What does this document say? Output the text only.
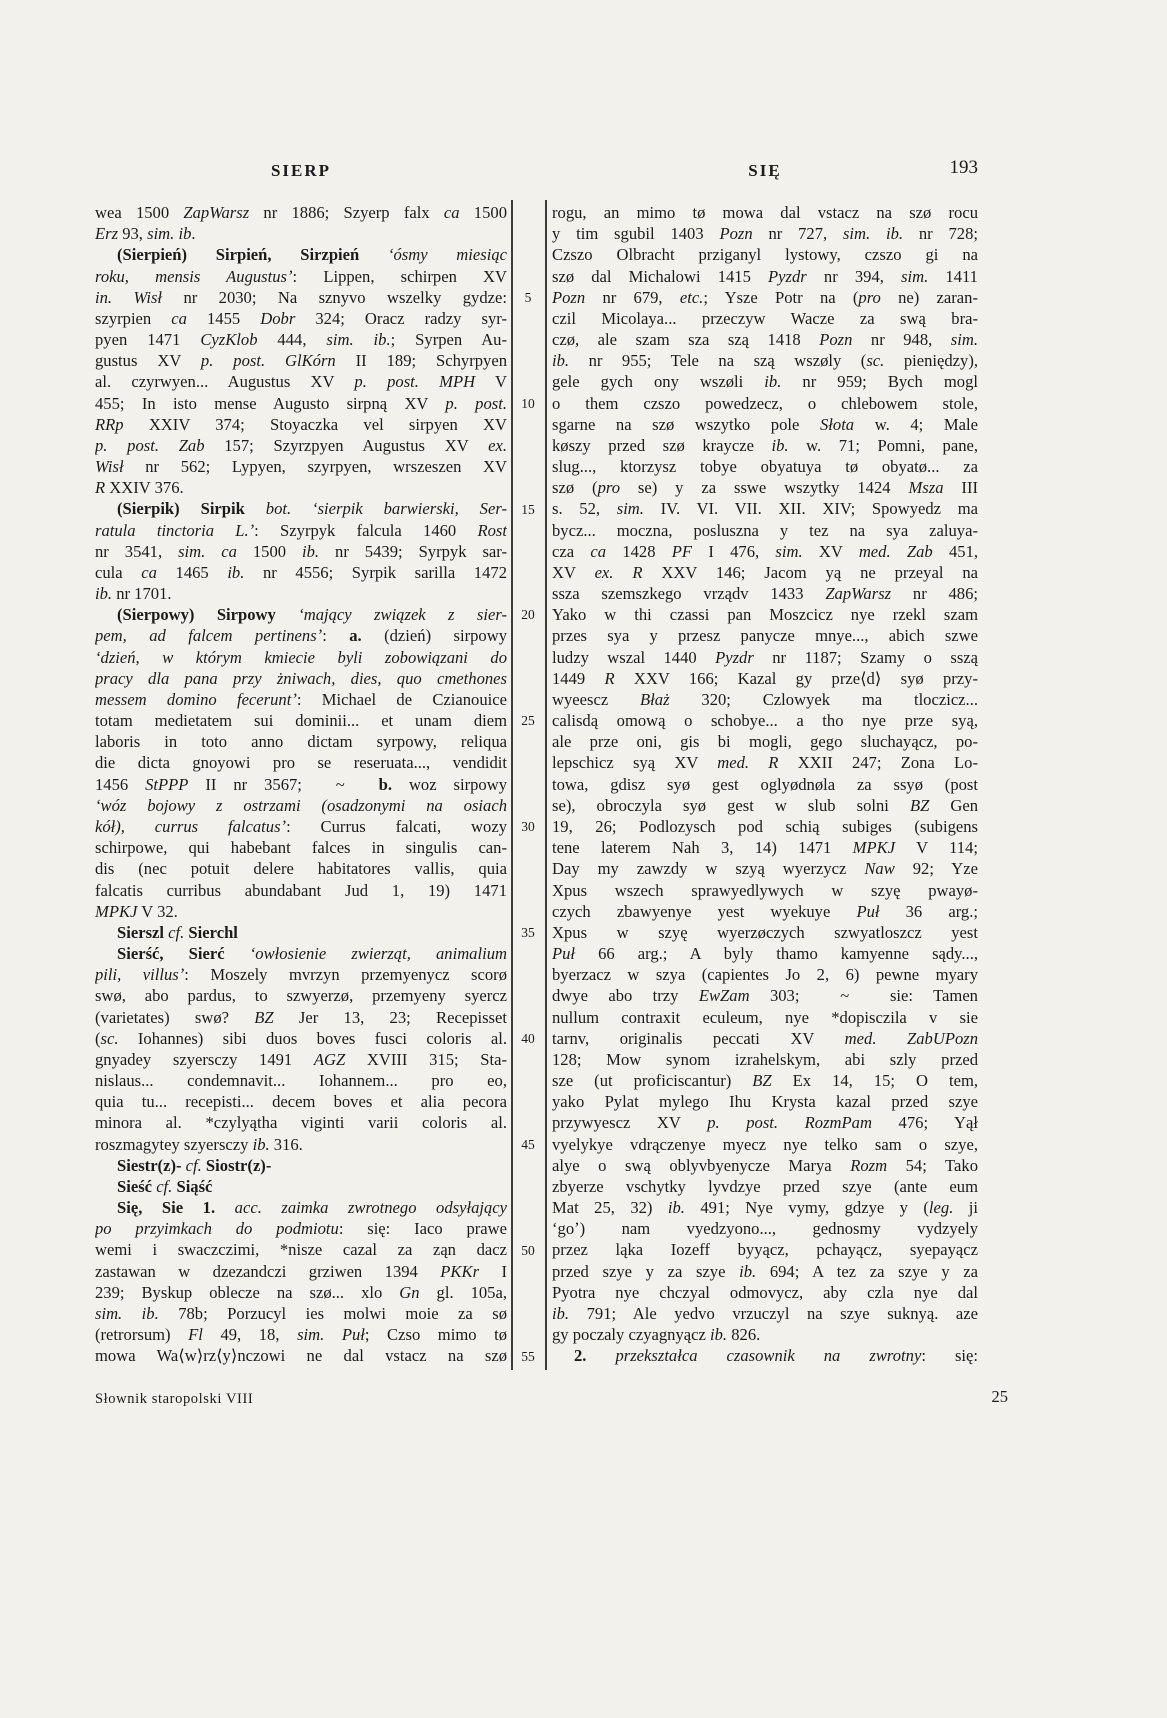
SIERP	SIĘ	193
wea 1500 ZapWarsz nr 1886; Szyerp falx ca 1500
Erz 93, sim. ib.
(Sierpień) Sirpień, Sirzpień ʻósmy miesiąc
roku, mensis Augustusʼ: Lippen, schirpen XV
in. Wisł nr 2030; Na sznyvo wszelky gydze:
szyrpien ca 1455 Dobr 324; Oracz radzy syr-
pyen 1471 CyzKlob 444, sim. ib.; Syrpen Au-
gustus XV p. post. GlKórn II 189; Schyrpyen
al. czyrwyen... Augustus XV p. post. MPH V
455; In isto mense Augusto sirpną XV p. post.
RRp XXIV 374; Stoyaczka vel sirpyen XV
p. post. Zab 157; Szyrzpyen Augustus XV ex.
Wisł nr 562; Lypyen, szyrpyen, wrszeszen XV
R XXIV 376.
(Sierpik) Sirpik bot. ʻsierpik barwierski, Ser-
ratula tinctoria L.ʼ: Szyrpyk falcula 1460 Rost
nr 3541, sim. ca 1500 ib. nr 5439; Syrpyk sar-
cula ca 1465 ib. nr 4556; Syrpik sarilla 1472
ib. nr 1701.
(Sierpowy) Sirpowy ʻmający związek z sier-
pem, ad falcem pertinensʼ: a. (dzień) sirpowy
ʻdzień, w którym kmiecie byli zobowiązani do
pracy dla pana przy żniwach, dies, quo cmethones
messem domino feceruntʼ: Michael de Czianouice
totam medietatem sui dominii... et unam diem
laboris in toto anno dictam syrpowy, reliqua
die dicta gnoyowi pro se reseruata..., vendidit
1456 StPPP II nr 3567;  ~  b. woz sirpowy
ʻwóz bojowy z ostrzami (osadzonymi na osiach
kół), currus falcatusʼ: Currus falcati, wozy
schirpowe, qui habebant falces in singulis can-
dis (nec potuit delere habitatores vallis, quia
falcatis curribus abundabant Jud 1, 19) 1471
MPKJ V 32.
Sierszl cf. Sierchl
Sierść, Sierć ʻowłosienie zwierząt, animalium
pili, villusʼ: Moszely mvrzyn przemyenycz scorø
swø, abo pardus, to szwyerzø, przemyeny syercz
(varietates) swø? BZ Jer 13, 23; Recepisset
(sc. Iohannes) sibi duos boves fusci coloris al.
gnyadey szyersczy 1491 AGZ XVIII 315; Sta-
nislaus... condemnavit... Iohannem... pro eo,
quia tu... recepisti... decem boves et alia pecora
minora al. *czylyątha viginti varii coloris al.
roszmagytey szyersczy ib. 316.
Siestr(z)- cf. Siostr(z)-
Sieść cf. Siąść
Się, Sie 1. acc. zaimka zwrotnego odsyłający
po przyimkach do podmiotu: się: Iaco prawe
wemi i swaczczimi, *nisze cazal za ząn dacz
zastawan w dzezandczi grziwen 1394 PKKr I
239; Byskup oblecze na szø... xlo Gn gl. 105a,
sim. ib. 78b; Porzucyl ies molwi moie za sø
(retrorsum) Fl 49, 18, sim. Puł; Czso mimo tø
mowa Wa⟨w⟩rz⟨y⟩nczowi ne dal vstacz na szø
5
10
15
20
25
30
35
40
45
50
55
rogu, an mimo tø mowa dal vstacz na szø rocu
y tim sgubil 1403 Pozn nr 727, sim. ib. nr 728;
Czszo Olbracht prziganyl lystowy, czszo gi na
szø dal Michalowi 1415 Pyzdr nr 394, sim. 1411
Pozn nr 679, etc.; Ysze Potr na (pro ne) zaran-
czil Micolaya... przeczyw Wacze za swą bra-
czø, ale szam sza szą 1418 Pozn nr 948, sim.
ib. nr 955; Tele na szą wszøly (sc. pieniędzy),
gele gych ony wszøli ib. nr 959; Bych mogl
o them czszo powedzecz, o chlebowem stole,
sgarne na szø wszytko pole Słota w. 4; Male
køszy przed szø kraycze ib. w. 71; Pomni, pane,
slug..., ktorzysz tobye obyatuya tø obyatø... za
szø (pro se) y za sswe wszytky 1424 Msza III
s. 52, sim. IV. VI. VII. XII. XIV; Spowyedz ma
bycz... moczna, posluszna y tez na sya zaluya-
cza ca 1428 PF I 476, sim. XV med. Zab 451,
XV ex. R XXV 146; Jacom yą ne przeyal na
ssza szemszkego vrządv 1433 ZapWarsz nr 486;
Yako w thi czassi pan Moszcicz nye rzekl szam
przes sya y przesz panycze mnye..., abich szwe
ludzy wszal 1440 Pyzdr nr 1187; Szamy o sszą
1449 R XXV 166; Kazal gy prze⟨d⟩ syø przy-
wyeescz Błaż 320; Czlowyek ma tloczicz...
calisdą omową o schobye... a tho nye prze syą,
ale prze oni, gis bi mogli, gego sluchayącz, po-
lepschicz syą XV med. R XXII 247; Zona Lo-
towa, gdisz syø gest oglyødnøla za ssyø (post
se), obroczyla syø gest w slub solni BZ Gen
19, 26; Podlozysch pod schią subiges (subigens
tene laterem Nah 3, 14) 1471 MPKJ V 114;
Day my zawzdy w szyą wyerzycz Naw 92; Yze
Xpus wszech sprawyedlywych w szyę pwayø-
czych zbawyenye yest wyekuye Puł 36 arg.;
Xpus w szyę wyerzøczych szwyatloszcz yest
Puł 66 arg.; A byly thamo kamyenne sądy...,
byerzacz w szya (capientes Jo 2, 6) pewne myary
dwye abo trzy EwZam 303;  ~  sie: Tamen
nullum contraxit eculeum, nye *dopisczila v sie
tarnv, originalis peccati XV med. ZabUPozn
128; Mow synom izrahelskym, abi szly przed
sze (ut proficiscantur) BZ Ex 14, 15; O tem,
yako Pylat mylego Ihu Krysta kazal przed szye
przywyescz XV p. post. RozmPam 476; Yął
vyelykye vdrączenye myecz nye telko sam o szye,
alye o swą oblyvbyenycze Marya Rozm 54; Tako
zbyerze vschytky lyvdzye przed szye (ante eum
Mat 25, 32) ib. 491; Nye vymy, gdzye y (leg. ji
ʻgoʼ) nam vyedzyono..., gednosmy vydzyely
przez ląka Iozeff byyącz, pchayącz, syepayącz
przed szye y za szye ib. 694; A tez za szye y za
Pyotra nye chczyal odmovycz, aby czla nye dal
ib. 791; Ale yedvo vrzuczyl na szye suknyą. aze
gy poczaly czyagnyącz ib. 826.
2. przekształca czasownik na zwrotny: się:
Słownik staropolski VIII	25
